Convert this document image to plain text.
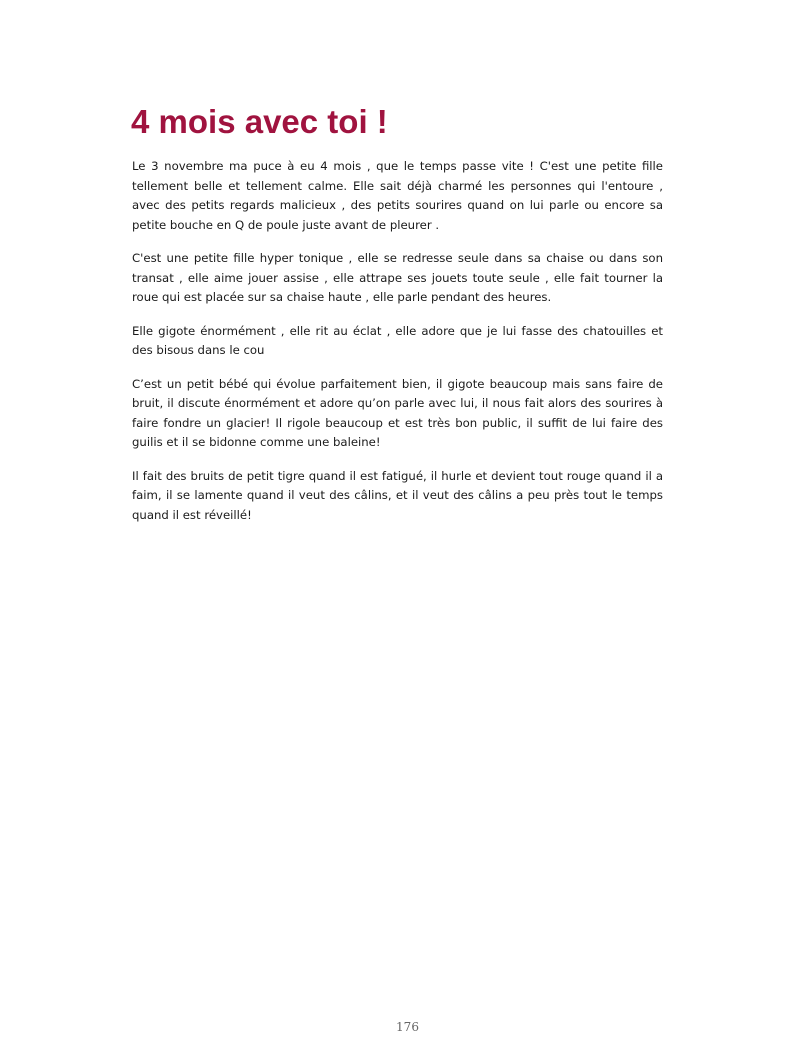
4 mois avec toi !

Le 3 novembre ma puce à eu 4 mois , que le temps passe vite ! C'est une petite fille tellement belle et tellement calme. Elle sait déjà charmé les personnes qui l'entoure , avec des petits regards malicieux , des petits sourires quand on lui parle ou encore sa petite bouche en Q de poule juste avant de pleurer .

C'est une petite fille hyper tonique , elle se redresse seule dans sa chaise ou dans son transat , elle aime jouer assise , elle attrape ses jouets toute seule , elle fait tourner la roue qui est placée sur sa chaise haute , elle parle pendant des heures.

Elle gigote énormément , elle rit au éclat , elle adore que je lui fasse des chatouilles et des bisous dans le cou

C’est un petit bébé qui évolue parfaitement bien, il gigote beaucoup mais sans faire de bruit, il discute énormément et adore qu’on parle avec lui, il nous fait alors des sourires à faire fondre un glacier! Il rigole beaucoup et est très bon public, il suffit de lui faire des guilis et il se bidonne comme une baleine!

Il fait des bruits de petit tigre quand il est fatigué, il hurle et devient tout rouge quand il a faim, il se lamente quand il veut des câlins, et il veut des câlins a peu près tout le temps quand il est réveillé!

176
